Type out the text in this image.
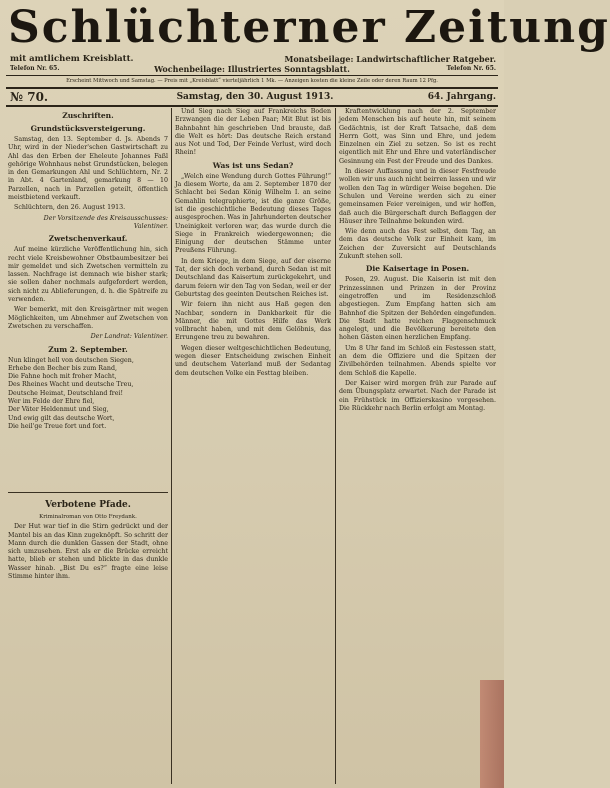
Schlüchterner Zeitung
mit amtlichem Kreisblatt.	Monatsbeilage: Landwirtschaftlicher Ratgeber.
Telefon Nr. 65.	Wochenbeilage: Illustriertes Sonntagsblatt.	Telefon Nr. 65.
Erscheint Mittwoch und Samstag. — Preis mit „Kreisblatt“ vierteljährlich 1 Mk. — Anzeigen kosten die kleine Zeile oder deren Raum 12 Pfg.
№ 70.	Samstag, den 30. August 1913.	64. Jahrgang.

Zuschriften.

Grundstücksversteigerung.

Samstag, den 13. September d. Js. Abends 7 Uhr, wird in der Nieder'schen Gastwirtschaft zu Ahl das den Erben der Eheleute Johannes Faßl gehörige Wohnhaus nebst Grundstücken, belegen in den Gemarkungen Ahl und Schlüchtern, Nr. 2 in Abt. 4 Gartenland, gemarkung 8 — 10 Parzellen, nach in Parzellen geteilt, öffentlich meistbietend verkauft.

Schlüchtern, den 26. August 1913.

Der Vorsitzende des Kreisausschusses: Valentiner.

Zwetschenverkauf.

Auf meine kürzliche Veröffentlichung hin, sich recht viele Kreisbewohner Obstbaumbesitzer bei mir gemeldet und sich Zwetschen vermitteln zu lassen. Nachfrage ist demnach wie bisher stark; sie sollen daher nochmals aufgefordert werden, sich nicht zu Ablieferungen, d. h. die Spätreife zu verwenden.

Wer bemerkt, mit den Kreisgärtner mit wegen Möglichkeiten, um Abnehmer auf Zwetschen von Zwetschen zu verschaffen.

Der Landrat: Valentiner.

Zum 2. September.

Nun klinget hell von deutschen Siegen,

Erhebe den Becher bis zum Rand,

Die Fahne hoch mit froher Macht,

Des Rheines Wacht und deutsche Treu,

Deutsche Heimat, Deutschland frei!

Wer im Felde der Ehre fiel,

Der Väter Heldenmut und Sieg,

Und ewig gilt das deutsche Wort,

Die heil'ge Treue fort und fort.

Verbotene Pfade.

Kriminalroman von Otto Freydank.

Der Hut war tief in die Stirn gedrückt und der Mantel bis an das Kinn zugeknöpft. So schritt der Mann durch die dunklen Gassen der Stadt, ohne sich umzusehen. Erst als er die Brücke erreicht hatte, blieb er stehen und blickte in das dunkle Wasser hinab. „Bist Du es?“ fragte eine leise Stimme hinter ihm.

Und Sieg nach Sieg auf Frankreichs Boden Erzwangen die der Leben Paar; Mit Blut ist bis Bahnbahnt hin geschrieben Und brauste, daß die Welt es hört: Das deutsche Reich erstand aus Not und Tod, Der Feinde Verlust, wird doch Rhein!

Was ist uns Sedan?

„Welch eine Wendung durch Gottes Führung!“ Ja diesem Worte, da am 2. September 1870 der Schlacht bei Sedan König Wilhelm I. an seine Gemahlin telegraphierte, ist die ganze Größe, ist die geschichtliche Bedeutung dieses Tages ausgesprochen. Was in Jahrhunderten deutscher Uneinigkeit verloren war, das wurde durch die Siege in Frankreich wiedergewonnen; die Einigung der deutschen Stämme unter Preußens Führung.

In dem Kriege, in dem Siege, auf der eiserne Tat, der sich doch verband, durch Sedan ist mit Deutschland das Kaisertum zurückgekehrt, und darum feiern wir den Tag von Sedan, weil er der Geburtstag des geeinten Deutschen Reiches ist.

Wir feiern ihn nicht aus Haß gegen den Nachbar, sondern in Dankbarkeit für die Männer, die mit Gottes Hilfe das Werk vollbracht haben, und mit dem Gelöbnis, das Errungene treu zu bewahren.

Wegen dieser weltgeschichtlichen Bedeutung, wegen dieser Entscheidung zwischen Einheit und deutschem Vaterland muß der Sedantag dem deutschen Volke ein Festtag bleiben.

Kraftentwicklung nach der 2. September jedem Menschen bis auf heute hin, mit seinem Gedächtnis, ist der Kraft Tatsache, daß dem Herrn Gott, was Sinn und Ehre, und jedem Einzelnen ein Ziel zu setzen. So ist es recht eigentlich mit Ehr und Ehre und vaterländischer Gesinnung ein Fest der Freude und des Dankes.

In dieser Auffassung und in dieser Festfreude wollen wir uns auch nicht beirren lassen und wir wollen den Tag in würdiger Weise begehen. Die Schulen und Vereine werden sich zu einer gemeinsamen Feier vereinigen, und wir hoffen, daß auch die Bürgerschaft durch Beflaggen der Häuser ihre Teilnahme bekunden wird.

Wie denn auch das Fest selbst, dem Tag, an dem das deutsche Volk zur Einheit kam, im Zeichen der Zuversicht auf Deutschlands Zukunft stehen soll.

Die Kaisertage in Posen.

Posen, 29. August. Die Kaiserin ist mit den Prinzessinnen und Prinzen in der Provinz eingetroffen und im Residenzschloß abgestiegen. Zum Empfang hatten sich am Bahnhof die Spitzen der Behörden eingefunden. Die Stadt hatte reichen Flaggenschmuck angelegt, und die Bevölkerung bereitete den hohen Gästen einen herzlichen Empfang.

Um 8 Uhr fand im Schloß ein Festessen statt, an dem die Offiziere und die Spitzen der Zivilbehörden teilnahmen. Abends spielte vor dem Schloß die Kapelle.

Der Kaiser wird morgen früh zur Parade auf dem Übungsplatz erwartet. Nach der Parade ist ein Frühstück im Offizierskasino vorgesehen. Die Rückkehr nach Berlin erfolgt am Montag.
